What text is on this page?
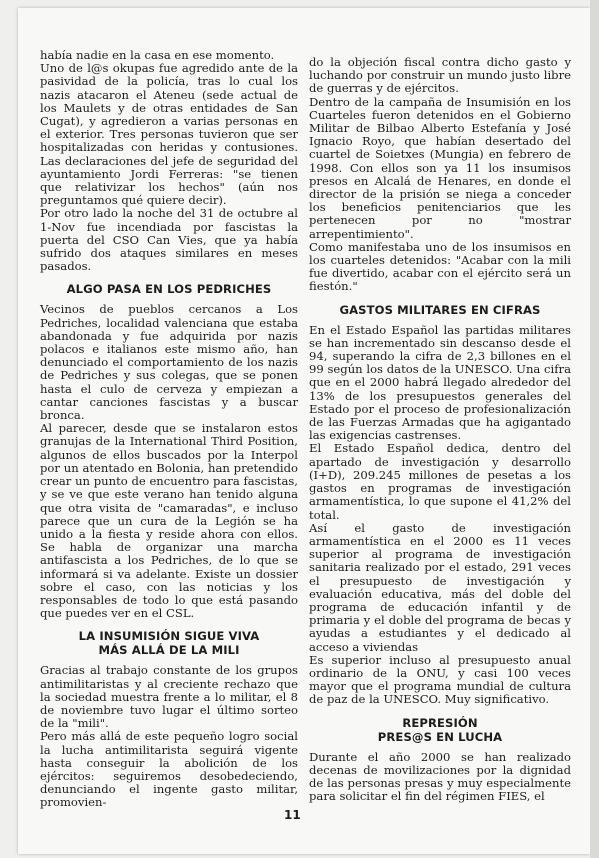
había nadie en la casa en ese momento.

Uno de l@s okupas fue agredido ante de la pasividad de la policía, tras lo cual los nazis atacaron el Ateneu (sede actual de los Maulets y de otras entidades de San Cugat), y agredieron a varias personas en el exterior. Tres personas tuvieron que ser hospitalizadas con heridas y contusiones. Las declaraciones del jefe de seguridad del ayuntamiento Jordi Ferreras: "se tienen que relativizar los hechos" (aún nos preguntamos qué quiere decir).

Por otro lado la noche del 31 de octubre al 1-Nov fue incendiada por fascistas la puerta del CSO Can Vies, que ya había sufrido dos ataques similares en meses pasados.

ALGO PASA EN LOS PEDRICHES

Vecinos de pueblos cercanos a Los Pedriches, localidad valenciana que estaba abandonada y fue adquirida por nazis polacos e italianos este mismo año, han denunciado el comportamiento de los nazis de Pedriches y sus colegas, que se ponen hasta el culo de cerveza y empiezan a cantar canciones fascistas y a buscar bronca.

Al parecer, desde que se instalaron estos granujas de la International Third Position, algunos de ellos buscados por la Interpol por un atentado en Bolonia, han pretendido crear un punto de encuentro para fascistas, y se ve que este verano han tenido alguna que otra visita de "camaradas", e incluso parece que un cura de la Legión se ha unido a la fiesta y reside ahora con ellos. Se habla de organizar una marcha antifascista a los Pedriches, de lo que se informará si va adelante. Existe un dossier sobre el caso, con las noticias y los responsables de todo lo que está pasando que puedes ver en el CSL.

LA INSUMISIÓN SIGUE VIVA
MÁS ALLÁ DE LA MILI

Gracias al trabajo constante de los grupos antimilitaristas y al creciente rechazo que la sociedad muestra frente a lo militar, el 8 de noviembre tuvo lugar el último sorteo de la "mili".

Pero más allá de este pequeño logro social la lucha antimilitarista seguirá vigente hasta conseguir la abolición de los ejércitos: seguiremos desobedeciendo, denunciando el ingente gasto militar, promovien-

do la objeción fiscal contra dicho gasto y luchando por construir un mundo justo libre de guerras y de ejércitos.

Dentro de la campaña de Insumisión en los Cuarteles fueron detenidos en el Gobierno Militar de Bilbao Alberto Estefanía y José Ignacio Royo, que habían desertado del cuartel de Soietxes (Mungia) en febrero de 1998. Con ellos son ya 11 los insumisos presos en Alcalá de Henares, en donde el director de la prisión se niega a conceder los beneficios penitenciarios que les pertenecen por no "mostrar arrepentimiento".

Como manifestaba uno de los insumisos en los cuarteles detenidos: "Acabar con la mili fue divertido, acabar con el ejército será un fiestón."

GASTOS MILITARES EN CIFRAS

En el Estado Español las partidas militares se han incrementado sin descanso desde el 94, superando la cifra de 2,3 billones en el 99 según los datos de la UNESCO. Una cifra que en el 2000 habrá llegado alrededor del 13% de los presupuestos generales del Estado por el proceso de profesionalización de las Fuerzas Armadas que ha agigantado las exigencias castrenses.

El Estado Español dedica, dentro del apartado de investigación y desarrollo (I+D), 209.245 millones de pesetas a los gastos en programas de investigación armamentística, lo que supone el 41,2% del total.

Así el gasto de investigación armamentística en el 2000 es 11 veces superior al programa de investigación sanitaria realizado por el estado, 291 veces el presupuesto de investigación y evaluación educativa, más del doble del programa de educación infantil y de primaria y el doble del programa de becas y ayudas a estudiantes y el dedicado al acceso a viviendas

Es superior incluso al presupuesto anual ordinario de la ONU, y casi 100 veces mayor que el programa mundial de cultura de paz de la UNESCO. Muy significativo.

REPRESIÓN
PRES@S EN LUCHA

Durante el año 2000 se han realizado decenas de movilizaciones por la dignidad de las personas presas y muy especialmente para solicitar el fin del régimen FIES, el

11
